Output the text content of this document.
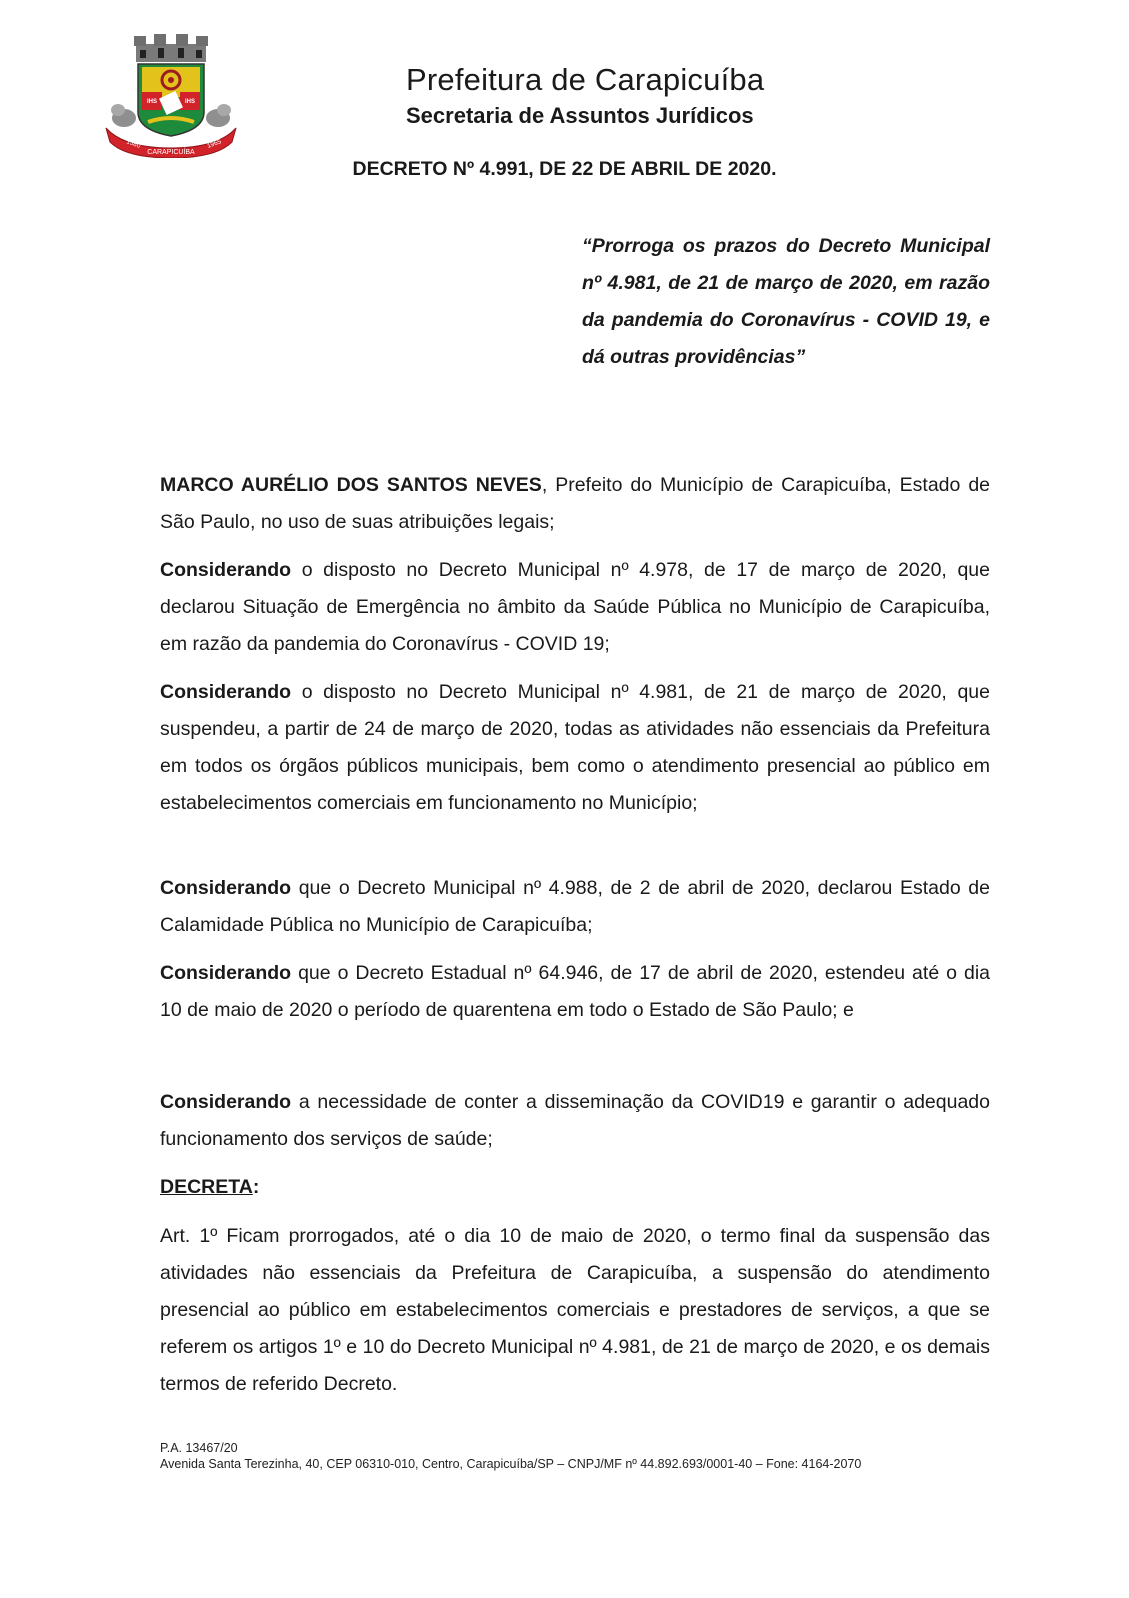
IHS	IHS
1580
CARAPICUÍBA
1965
Prefeitura de Carapicuíba
Secretaria de Assuntos Jurídicos
DECRETO Nº 4.991, DE 22 DE ABRIL DE 2020.
“Prorroga os prazos do Decreto Municipal nº 4.981, de 21 de março de 2020, em razão da pandemia do Coronavírus - COVID 19, e dá outras providências”

MARCO AURÉLIO DOS SANTOS NEVES, Prefeito do Município de Carapicuíba, Estado de São Paulo, no uso de suas atribuições legais;

Considerando o disposto no Decreto Municipal nº 4.978, de 17 de março de 2020, que declarou Situação de Emergência no âmbito da Saúde Pública no Município de Carapicuíba, em razão da pandemia do Coronavírus - COVID 19;

Considerando o disposto no Decreto Municipal nº 4.981, de 21 de março de 2020, que suspendeu, a partir de 24 de março de 2020, todas as atividades não essenciais da Prefeitura em todos os órgãos públicos municipais, bem como o atendimento presencial ao público em estabelecimentos comerciais em funcionamento no Município;

Considerando que o Decreto Municipal nº 4.988, de 2 de abril de 2020, declarou Estado de Calamidade Pública no Município de Carapicuíba;

Considerando que o Decreto Estadual nº 64.946, de 17 de abril de 2020, estendeu até o dia 10 de maio de 2020 o período de quarentena em todo o Estado de São Paulo; e

Considerando a necessidade de conter a disseminação da COVID19 e garantir o adequado funcionamento dos serviços de saúde;

DECRETA:

Art. 1º Ficam prorrogados, até o dia 10 de maio de 2020, o termo final da suspensão das atividades não essenciais da Prefeitura de Carapicuíba, a suspensão do atendimento presencial ao público em estabelecimentos comerciais e prestadores de serviços, a que se referem os artigos 1º e 10 do Decreto Municipal nº 4.981, de 21 de março de 2020, e os demais termos de referido Decreto.

P.A. 13467/20
Avenida Santa Terezinha, 40, CEP 06310-010, Centro, Carapicuíba/SP – CNPJ/MF nº 44.892.693/0001-40 – Fone: 4164-2070
